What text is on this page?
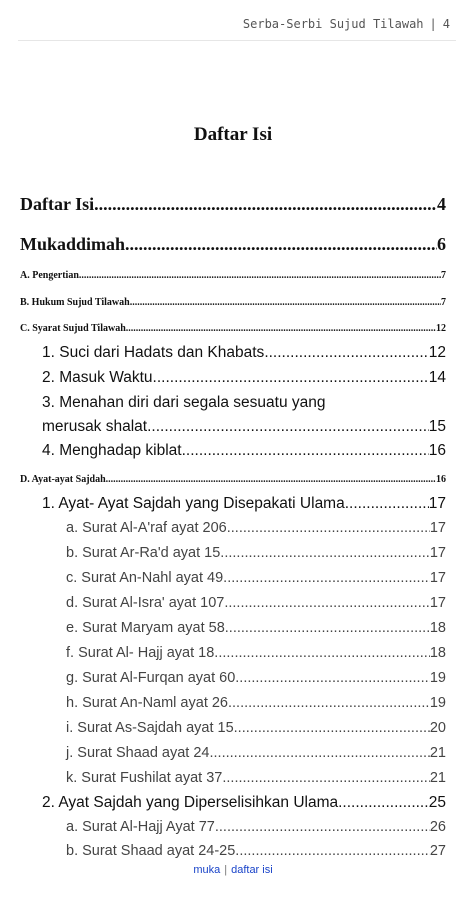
Serba-Serbi Sujud Tilawah | 4
Daftar Isi
Daftar Isi .....	4
Mukaddimah .....	6
A. Pengertian .....	7
B. Hukum Sujud Tilawah .....	7
C. Syarat Sujud Tilawah .....	12
1. Suci dari Hadats dan Khabats .....	12
2. Masuk Waktu .....	14
3. Menahan diri dari segala sesuatu yang
merusak shalat .....	15
4. Menghadap kiblat .....	16
D. Ayat-ayat Sajdah .....	16
1. Ayat- Ayat Sajdah yang Disepakati Ulama .....	17
a. Surat Al-A'raf ayat 206 .....	17
b. Surat Ar-Ra'd ayat 15 .....	17
c. Surat An-Nahl ayat 49 .....	17
d. Surat Al-Isra' ayat 107 .....	17
e. Surat Maryam ayat 58 .....	18
f. Surat Al- Hajj ayat 18 .....	18
g. Surat Al-Furqan ayat 60 .....	19
h. Surat An-Naml ayat 26 .....	19
i. Surat As-Sajdah ayat 15 .....	20
j. Surat Shaad ayat 24 .....	21
k. Surat Fushilat ayat 37 .....	21
2. Ayat Sajdah yang Diperselisihkan Ulama .....	25
a. Surat Al-Hajj Ayat 77 .....	26
b. Surat Shaad ayat 24-25 .....	27
muka | daftar isi
